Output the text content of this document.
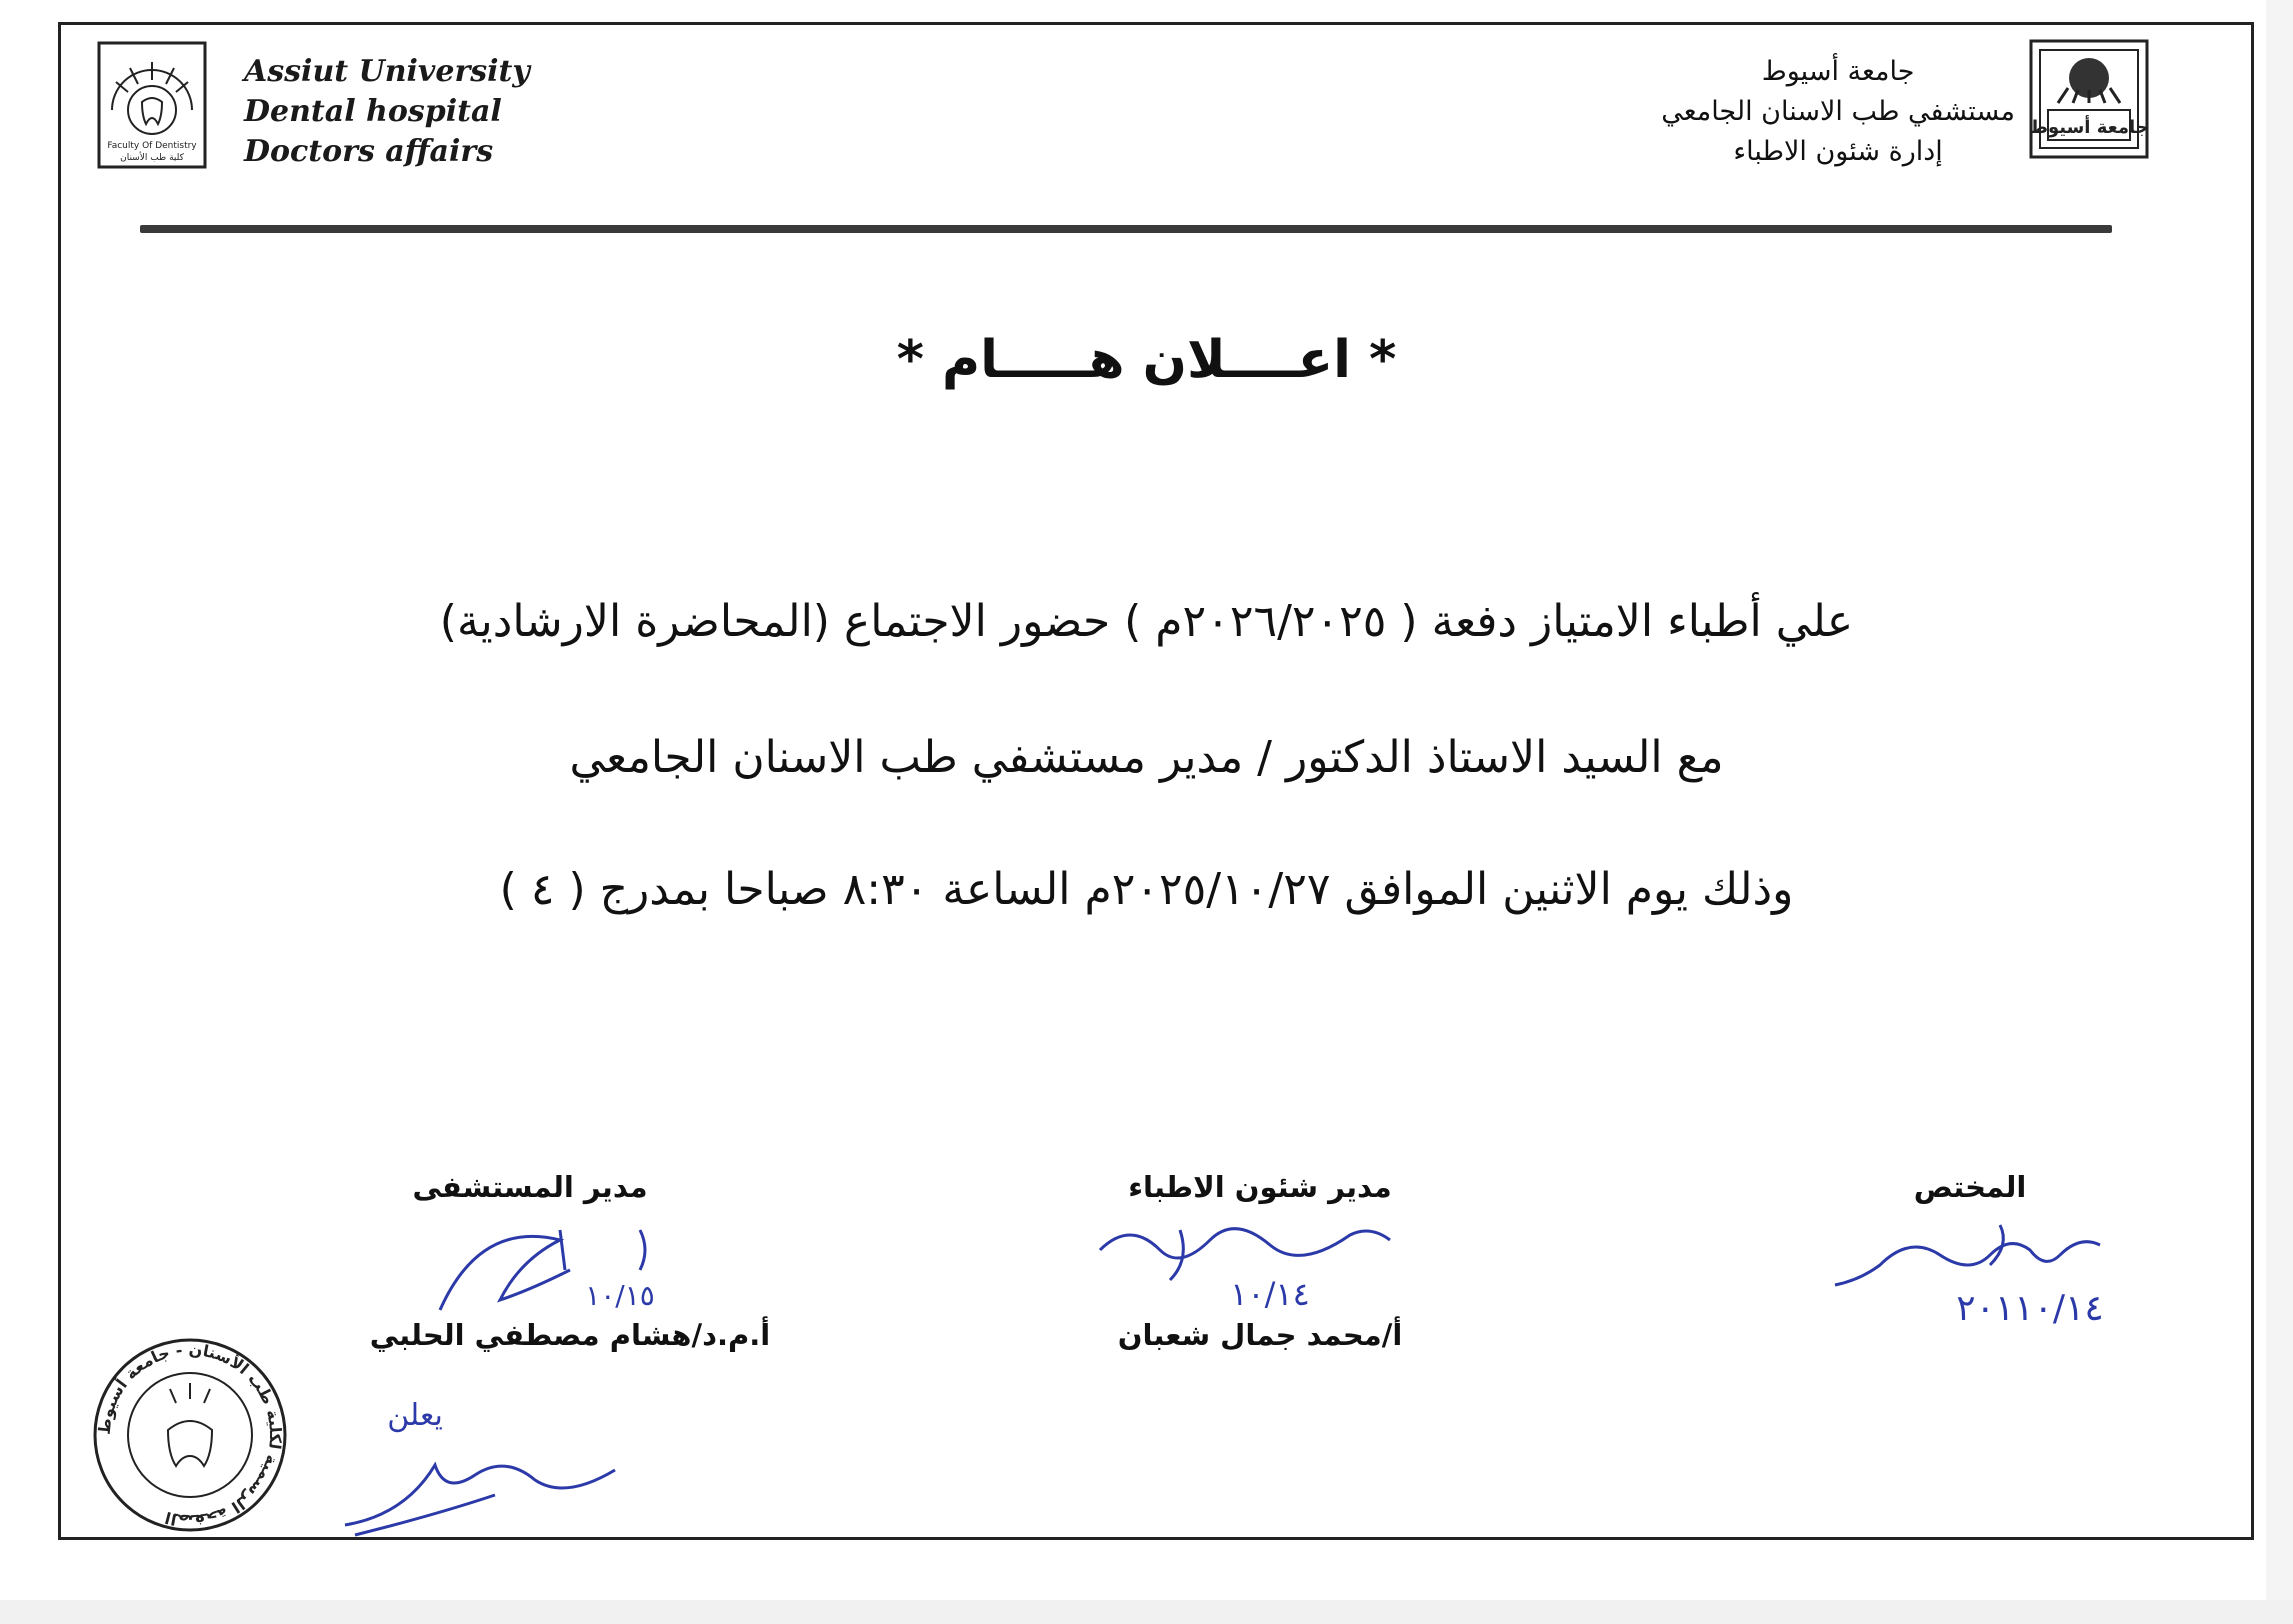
Faculty Of Dentistry
كلية طب الأسنان
Assiut University
Dental hospital
Doctors affairs
جامعة أسيوط
مستشفي طب الاسنان الجامعي
إدارة شئون الاطباء
جامعة أسيوط
* اعــــلان هـــــام *
علي أطباء الامتياز دفعة ( ٢٠٢٦/٢٠٢٥م ) حضور الاجتماع (المحاضرة الارشادية)
مع السيد الاستاذ الدكتور / مدير مستشفي طب الاسنان الجامعي
وذلك يوم الاثنين الموافق ٢٠٢٥/١٠/٢٧م الساعة ٨:٣٠ صباحا بمدرج ( ٤ )
المختص
٢٠١١٠/١٤
مدير شئون الاطباء
١٠/١٤
أ/محمد جمال شعبان
مدير المستشفى
١٠/١٥
أ.م.د/هشام مصطفي الحلبي
الصفحة الرسمية لكلية طب الأسنان - جامعة أسيوط
يعلن
